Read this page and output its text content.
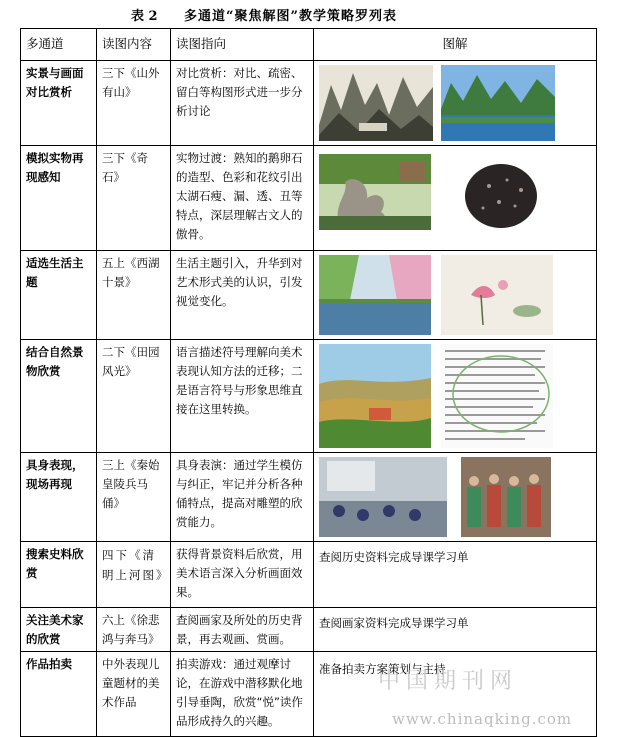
表 2 多通道“聚焦解图”教学策略罗列表
多通道	读图内容	读图指向	图解
实景与画面对比赏析	三下《山外有山》	对比赏析：对比、疏密、留白等构图形式进一步分析讨论	

模拟实物再现感知	三下《奇石》	实物过渡：熟知的鹅卵石的造型、色彩和花纹引出太湖石瘦、漏、透、丑等特点，深层理解古文人的傲骨。	

适选生活主题	五上《西湖十景》	生活主题引入，升华到对艺术形式美的认识，引发视觉变化。	

结合自然景物欣赏	二下《田园风光》	语言描述符号理解向美术表现认知方法的迁移；二是语言符号与形象思维直接在这里转换。	

具身表现，现场再现	三上《秦始皇陵兵马俑》	具身表演：通过学生模仿与纠正，牢记并分析各种俑特点，提高对雕塑的欣赏能力。	

搜索史料欣赏	四下《清明上河图》	获得背景资料后欣赏，用美术语言深入分析画面效果。	查阅历史资料完成导课学习单
关注美术家的欣赏	六上《徐悲鸿与奔马》	查阅画家及所处的历史背景，再去观画、赏画。	查阅画家资料完成导课学习单
作品拍卖	中外表现儿童题材的美术作品	拍卖游戏：通过观摩讨论，在游戏中潜移默化地引导垂陶，欣赏“悦”读作品形成持久的兴趣。	准备拍卖方案策划与主持
中国期刊网
www.chinaqking.com
